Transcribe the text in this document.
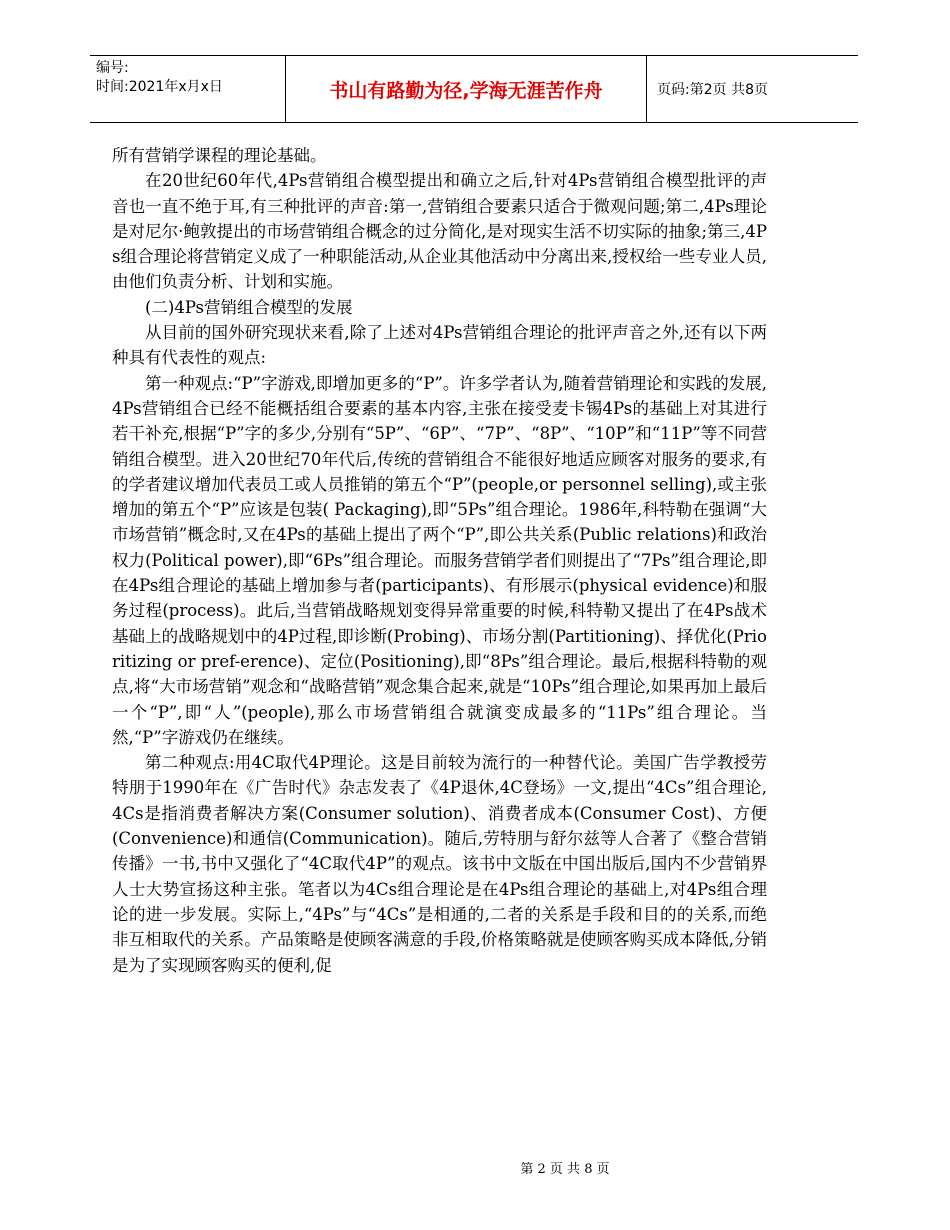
编号:
时间:2021年x月x日	书山有路勤为径,学海无涯苦作舟	页码:第2页 共8页

所有营销学课程的理论基础。

在20世纪60年代,4Ps营销组合模型提出和确立之后,针对4Ps营销组合模型批评的声音也一直不绝于耳,有三种批评的声音:第一,营销组合要素只适合于微观问题;第二,4Ps理论是对尼尔·鲍敦提出的市场营销组合概念的过分简化,是对现实生活不切实际的抽象;第三,4Ps组合理论将营销定义成了一种职能活动,从企业其他活动中分离出来,授权给一些专业人员,由他们负责分析、计划和实施。

(二)4Ps营销组合模型的发展

从目前的国外研究现状来看,除了上述对4Ps营销组合理论的批评声音之外,还有以下两种具有代表性的观点:

第一种观点:“P”字游戏,即增加更多的“P”。许多学者认为,随着营销理论和实践的发展,4Ps营销组合已经不能概括组合要素的基本内容,主张在接受麦卡锡4Ps的基础上对其进行若干补充,根据“P”字的多少,分别有“5P”、“6P”、“7P”、“8P”、“10P”和“11P”等不同营销组合模型。进入20世纪70年代后,传统的营销组合不能很好地适应顾客对服务的要求,有的学者建议增加代表员工或人员推销的第五个“P”(people,or personnel selling),或主张增加的第五个“P”应该是包装( Packaging),即“5Ps”组合理论。1986年,科特勒在强调“大市场营销”概念时,又在4Ps的基础上提出了两个“P”,即公共关系(Public relations)和政治权力(Political power),即“6Ps”组合理论。而服务营销学者们则提出了“7Ps”组合理论,即在4Ps组合理论的基础上增加参与者(participants)、有形展示(physical evidence)和服务过程(process)。此后,当营销战略规划变得异常重要的时候,科特勒又提出了在4Ps战术基础上的战略规划中的4P过程,即诊断(Probing)、市场分割(Partitioning)、择优化(Prioritizing or pref-erence)、定位(Positioning),即“8Ps”组合理论。最后,根据科特勒的观点,将“大市场营销”观念和“战略营销”观念集合起来,就是“10Ps”组合理论,如果再加上最后一个“P”,即“人”(people),那么市场营销组合就演变成最多的“11Ps”组合理论。当然,“P”字游戏仍在继续。

第二种观点:用4C取代4P理论。这是目前较为流行的一种替代论。美国广告学教授劳特朋于1990年在《广告时代》杂志发表了《4P退休,4C登场》一文,提出“4Cs”组合理论,4Cs是指消费者解决方案(Consumer solution)、消费者成本(Consumer Cost)、方便(Convenience)和通信(Communication)。随后,劳特朋与舒尔兹等人合著了《整合营销传播》一书,书中又强化了“4C取代4P”的观点。该书中文版在中国出版后,国内不少营销界人士大势宣扬这种主张。笔者以为4Cs组合理论是在4Ps组合理论的基础上,对4Ps组合理论的进一步发展。实际上,“4Ps”与“4Cs”是相通的,二者的关系是手段和目的的关系,而绝非互相取代的关系。产品策略是使顾客满意的手段,价格策略就是使顾客购买成本降低,分销是为了实现顾客购买的便利,促

第 2 页 共 8 页
